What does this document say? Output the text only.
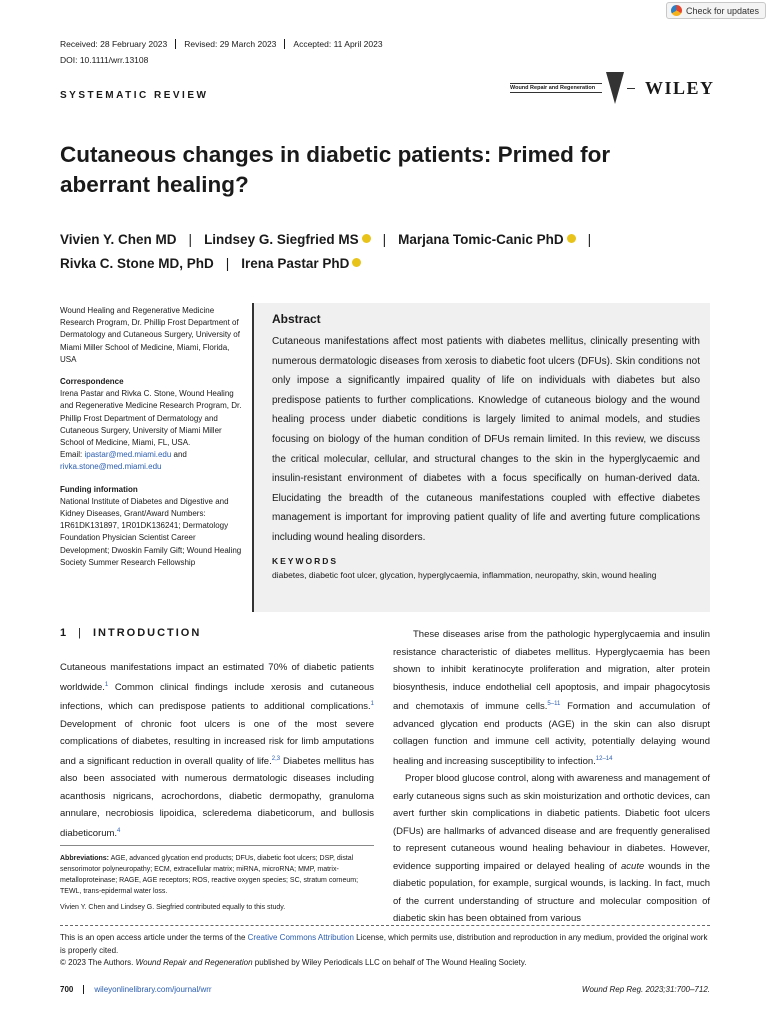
Check for updates
Received: 28 February 2023	Revised: 29 March 2023	Accepted: 11 April 2023
DOI: 10.1111/wrr.13108
Wound Repair and Regeneration	WILEY
SYSTEMATIC REVIEW
Cutaneous changes in diabetic patients: Primed for aberrant healing?
Vivien Y. Chen MD | Lindsey G. Siegfried MS | Marjana Tomic-Canic PhD |
Rivka C. Stone MD, PhD | Irena Pastar PhD

Wound Healing and Regenerative Medicine Research Program, Dr. Phillip Frost Department of Dermatology and Cutaneous Surgery, University of Miami Miller School of Medicine, Miami, Florida, USA

Correspondence

Irena Pastar and Rivka C. Stone, Wound Healing and Regenerative Medicine Research Program, Dr. Phillip Frost Department of Dermatology and Cutaneous Surgery, University of Miami Miller School of Medicine, Miami, FL, USA.
Email: ipastar@med.miami.edu and rivka.stone@med.miami.edu

Funding information

National Institute of Diabetes and Digestive and Kidney Diseases, Grant/Award Numbers: 1R61DK131897, 1R01DK136241; Dermatology Foundation Physician Scientist Career Development; Dwoskin Family Gift; Wound Healing Society Summer Research Fellowship

Abstract

Cutaneous manifestations affect most patients with diabetes mellitus, clinically presenting with numerous dermatologic diseases from xerosis to diabetic foot ulcers (DFUs). Skin conditions not only impose a significantly impaired quality of life on individuals with diabetes but also predispose patients to further complications. Knowledge of cutaneous biology and the wound healing process under diabetic conditions is largely limited to animal models, and studies focusing on biology of the human condition of DFUs remain limited. In this review, we discuss the critical molecular, cellular, and structural changes to the skin in the hyperglycaemic and insulin-resistant environment of diabetes with a focus specifically on human-derived data. Elucidating the breadth of the cutaneous manifestations coupled with effective diabetes management is important for improving patient quality of life and averting future complications including wound healing disorders.

KEYWORDS
diabetes, diabetic foot ulcer, glycation, hyperglycaemia, inflammation, neuropathy, skin, wound healing
1 | INTRODUCTION

Cutaneous manifestations impact an estimated 70% of diabetic patients worldwide.$^1$ Common clinical findings include xerosis and cutaneous infections, which can predispose patients to additional complications.$^1$ Development of chronic foot ulcers is one of the most severe complications of diabetes, resulting in increased risk for limb amputations and a significant reduction in overall quality of life.$^{2,3}$ Diabetes mellitus has also been associated with numerous dermatologic diseases including acanthosis nigricans, acrochordons, diabetic dermopathy, granuloma annulare, necrobiosis lipoidica, scleredema diabeticorum, and bullosis diabeticorum.$^4$

Abbreviations: AGE, advanced glycation end products; DFUs, diabetic foot ulcers; DSP, distal sensorimotor polyneuropathy; ECM, extracellular matrix; miRNA, microRNA; MMP, matrix-metalloproteinase; RAGE, AGE receptors; ROS, reactive oxygen species; SC, stratum corneum; TEWL, trans-epidermal water loss.
Vivien Y. Chen and Lindsey G. Siegfried contributed equally to this study.

These diseases arise from the pathologic hyperglycaemia and insulin resistance characteristic of diabetes mellitus. Hyperglycaemia has been shown to inhibit keratinocyte proliferation and migration, alter protein biosynthesis, induce endothelial cell apoptosis, and impair phagocytosis and chemotaxis of immune cells.$^{5-11}$ Formation and accumulation of advanced glycation end products (AGE) in the skin can also disrupt collagen function and immune cell activity, potentially delaying wound healing and increasing susceptibility to infection.$^{12-14}$

Proper blood glucose control, along with awareness and management of early cutaneous signs such as skin moisturization and orthotic devices, can avert further skin complications in diabetic patients. Diabetic foot ulcers (DFUs) are hallmarks of advanced disease and are frequently generalised to represent cutaneous wound healing behaviour in diabetes. However, evidence supporting impaired or delayed healing of acute wounds in the diabetic population, for example, surgical wounds, is lacking. In fact, much of the current understanding of structure and molecular composition of diabetic skin has been obtained from various

This is an open access article under the terms of the Creative Commons Attribution License, which permits use, distribution and reproduction in any medium, provided the original work is properly cited.
© 2023 The Authors. Wound Repair and Regeneration published by Wiley Periodicals LLC on behalf of The Wound Healing Society.
700	wileyonlinelibrary.com/journal/wrr	Wound Rep Reg. 2023;31:700–712.
